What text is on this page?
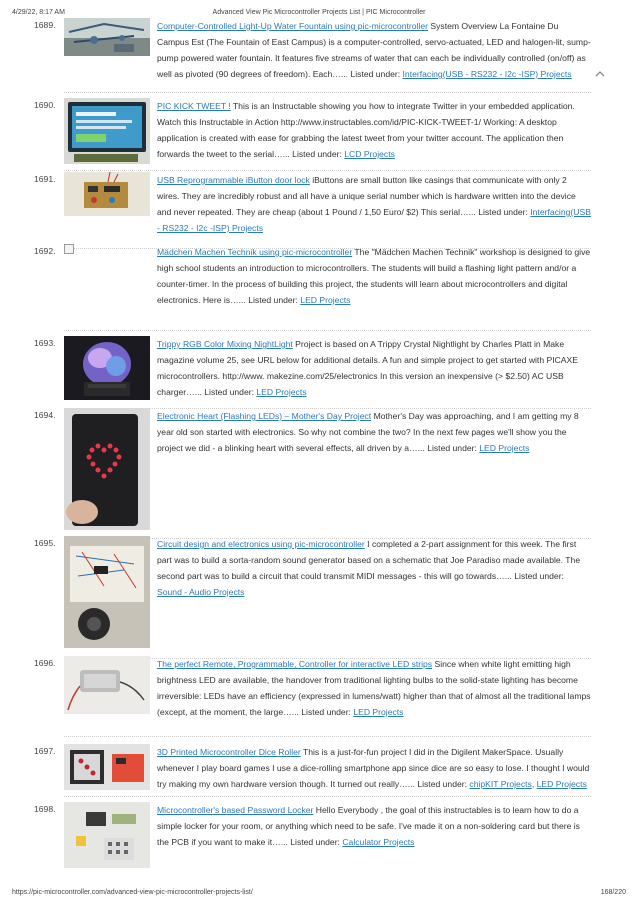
4/29/22, 8:17 AM	Advanced View Pic Microcontroller Projects List | PIC Microcontroller
1689.	Computer-Controlled Light-Up Water Fountain using pic-microcontroller System Overview La Fontaine Du Campus Est (The Fountain of East Campus) is a computer-controlled, servo-actuated, LED and halogen-lit, sump-pump powered water fountain. It features five streams of water that can each be individually controlled (on/off) as well as pivoted (90 degrees of freedom). Each…... Listed under: Interfacing(USB - RS232 - I2c -ISP) Projects
1690.	PIC KICK TWEET ! This is an Instructable showing you how to integrate Twitter in your embedded application. Watch this Instructable in Action http://www.instructables.com/id/PIC-KICK-TWEET-1/ Working: A desktop application is created with ease for grabbing the latest tweet from your twitter account. The application then forwards the tweet to the serial…... Listed under: LCD Projects
1691.	USB Reprogrammable iButton door lock iButtons are small button like casings that communicate with only 2 wires. They are incredibly robust and all have a unique serial number which is hardware written into the device and never repeated. They are cheap (about 1 Pound / 1,50 Euro/ $2) This serial…... Listed under: Interfacing(USB - RS232 - I2c -ISP) Projects
1692.	Mädchen Machen Technik using pic-microcontroller The "Mädchen Machen Technik" workshop is designed to give high school students an introduction to microcontrollers. The students will build a flashing light pattern and/or a counter-timer. In the process of building this project, the students will learn about microcontrollers and digital electronics. Here is…... Listed under: LED Projects
1693.	Trippy RGB Color Mixing NightLight Project is based on A Trippy Crystal Nightlight by Charles Platt in Make magazine volume 25, see URL below for additional details. A fun and simple project to get started with PICAXE microcontrollers. http://www. makezine.com/25/electronics In this version an inexpensive (> $2.50) AC USB charger…... Listed under: LED Projects
1694.	Electronic Heart (Flashing LEDs) – Mother's Day Project Mother's Day was approaching, and I am getting my 8 year old son started with electronics. So why not combine the two? In the next few pages we'll show you the project we did - a blinking heart with several effects, all driven by a…... Listed under: LED Projects
1695.	Circuit design and electronics using pic-microcontroller I completed a 2-part assignment for this week. The first part was to build a sorta-random sound generator based on a schematic that Joe Paradiso made available. The second part was to build a circuit that could transmit MIDI messages - this will go towards…... Listed under: Sound - Audio Projects
1696.	The perfect Remote, Programmable, Controller for interactive LED strips Since when white light emitting high brightness LED are available, the handover from traditional lighting bulbs to the solid-state lighting has become irreversible: LEDs have an efficiency (expressed in lumens/watt) higher than that of almost all the traditional lamps (except, at the moment, the large…... Listed under: LED Projects
1697.	3D Printed Microcontroller Dice Roller This is a just-for-fun project I did in the Digilent MakerSpace. Usually whenever I play board games I use a dice-rolling smartphone app since dice are so easy to lose. I thought I would try making my own hardware version though. It turned out really…... Listed under: chipKIT Projects, LED Projects
1698.	Microcontroller's based Password Locker Hello Everybody , the goal of this instructables is to learn how to do a simple locker for your room, or anything which need to be safe. I've made it on a non-soldering card but there is the PCB if you want to make it…... Listed under: Calculator Projects
https://pic-microcontroller.com/advanced-view-pic-microcontroller-projects-list/	168/220
